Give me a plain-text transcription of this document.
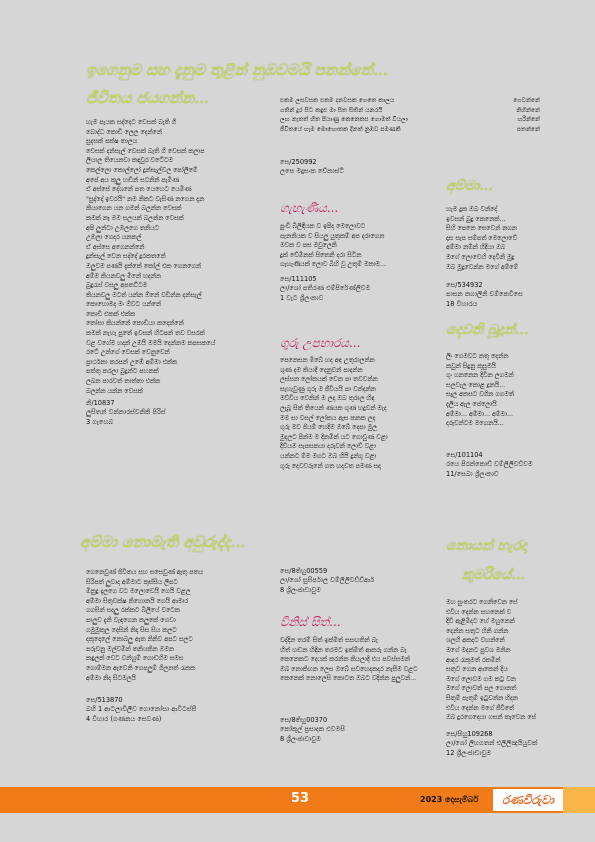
ඉගෙනුම සහ දැනුම තුළින් නුඹවමයි පනන්නේ...
ජීවිතය ජයගන්න...
හැම පැයක සද්දෙට වෙසක් බැති ගී
බොද්ධ කොඩි ලෙල දෙන්නේ
සුදසක් පක්ෂ තාලය
වෙසක් දන්සැල් වෙසක් බැති ගී වෙසක් කලාප
ලියාල තියෙනවා කඳවුර වටේටම
කෙල්ලො කොල්ලෝ දුන්සැල්වල පෝලිමේ
අපේ අය කුලු හඬින් සටනින් පැමිණ
ඒ අස්සේ දේශනේ පත යෙහෙට යෙමිණ
"සුද්දෝ ඉවරයි" නම නිකට වැසිණ නගෙන දැන
කියාගෙන යන ගමන් බලන්න වෙසක්
කමක් නෑ මම සලයන් බලන්න වෙසක්
අපි ලුන්ටා උඹලගෙ තනියට
උඹලා ගෙදර යනකල්
ඒ අස්සෙ අගෙනන්නේ
දුන්සැල් වෙන සද්දේ දුරකතනේ
ඔලුවම පණයි දැක්කේ කෝල් එක ගෙනගෙන්
අම්ම කියනවලු මිනේ හදන්න
බුදුරැස් වසලු අපතට්ටම
කියනවලු මටත් යන්න ඕනේ වඩින්න දන්සැල්
කොහොමද මං ඕවට යන්නේ
කොඩි එකක් එක්ක
තෝසා කියන්නේ කොඩියා කදෙන්නේ
කමක් නැහැ පුතේ ඉවසන් හිටපන් තව වසරක්
වළ වගේම හදන් උඹයි මමයි දෙන්නම කපසකයේ
රටේ උන්ගේ වෙසක් වෙනුවෙන්
ප්‍රාර්ථනා කරපන් උඹේ අම්මා එක්ක
පත්තු කරලා බුදුන්ට පහනක්
ලබන පාරවත් තාත්තා එක්ක
බලන්න යන්න වෙසක්
නි/10837
ලුසිතන් වන්නාරස්වනිකි පිරිස්
3 ගැහෙබ
අම්මා නොමැති අවුරුද්ද...
ගෙනෙවුණ් ජිවිතය සහ සසෙවුණ් ඇතු පතය
සිරිපත් ලුවාද අම්මාට කුස්සිය ලිපට
මිනුදු දැලගෙ වට මලොවෙයි ගෙයි වළල
අම්මා සිතුවක්ෂ නිහොනයි ගෙයි ආමාර
ගගසින් සදලු රක්කට බිලියේ වටෙක
පාලුව දැනි වැඳගෙන කලුකේ ගෙවා
ගමුමුකුල දෙසින් නිදා සිස සිය කලට
දකුදොලේ නොබලු ඇත නිනිව අපට සලට
පරුවනු මල්වමින් තනියකින ඔමන
කඳුලක් වෙට වන්හුම් ගොඩහිම සමස
ගොම්මන ඇවෙනි ගෙපලුම් ගිලනත් රැකක
අම්මා නිද සිටමලයි
සෙ/513870
බහි 1 ආටලාවිලීව ගොනෝසා ආවිටස්සී
4 විහාර (ගණනය සෙවණ)
එකම ලසවසක එකම දනවසක ගෙතෙ කාලය	ගෙවන්නේ
ගතින් දුර සිට කඳුළු මා සිත සිතින් යනරයි	නිහින්නේ
ලඟ නැතත් හිත පියාණු කෙනෙකස ගොමත් වියලා	හරින්නේ
ජීවිතයේ හැම මොහොතක දිනත් නුඹව පමණකි	පතන්නේ
සෙ/250992
ලසෙ මදුසංක චේකාස්ටී
ගැහැණිය...
පුංචි බිලිඳියක ව ඉපිද මෙලොවට
පැනනියක ව සියලු යුතුකම් අප දරාගෙන
මවක ව පස මවුලෙනි
දුක් වේමිනක් සිතෙනි දරා සිටින
ගැහැණියක් ලොව බිහි වූ උතුම් මනාම...
සෙ/111105
ලා/ශෝ පතිරණ එම්පිරේණ්ලිවම
1 වැට ශ්‍රීලංකාව
ගුරු උපහාරය...
පෙනෙසන මිබේ හද අඳ උතුරාලන්න
ශුණ දම කියාදී දෙනුවන් පාදන්න
ලස්සන ලෝකයක් වෙන පා තවවන්න
සැහැවුණු ගුරු ම ජීවියයි පා වන්දන්න
මව්විය වෙනින් ම ලදා ඔබ තුරාල හිඳ
ලැබූ සිත් තියෙන් ණයක ගුණ හදුවන් මැද
මම සා වසල් ලෝකය ඇස කනක ලද
ගුරු මව ජියම් හෙදිම ඔබේ දෙපා මුල
මුදලට පින්ම ම දිනමින් යට ගොවුණ වළා
දීව්යම සැපසකයා දරුවන් ලොව් වළා
යන්නට ම්ම මගට ඔබ හියි දුන්ගු වළා
ගුරු දෙවවරුනේ ගත හදවත පමණ සදා
සෙ/8තිහු00559
ලා/ශෝ සුසිර්පාල වම්ලිලිවඩ්ඩ්ආර්
8 ශ්‍රීලංජාඩාවුම
විනිස් සිත්...
වද්දින තරම් සිත් ඉක්මිත් සසඟතින් බැ
හිත් හඬන හිඳින තරමට ඉක්මිත් ආකරු ගන්න බැ
කෙනෙකට දෙයක් කරන්න කියලාදි එය පවස්සමන්
ඔබ නොකිහන ලෙස ඔබේ සවහෙදකදර නැසීම වළට
කෙනෙක් නොලෙසි කොටත ඔබට වදින්න පුලුවන්...
සෙ/8තිහු00370
කෝකූල් ප්‍රසාදක එවමසි
8 ශ්‍රීලංජාඩාවුම
අම්මා...
හැම දුක ඔබ වන්දේ
ඉවසන් බුදු කෙනෙක්...
සිහි පෙනෙ සෙවෙන් නගන
දෑස සැප සම්පත් මෙලොවේ
අම්මා නම්න් හිදියා ඔබ
මගේ ලොවෙහි දෙවිනි මුදු
ඔබ මුදුවෙන්න මගේ අම්මේ
සෙ/534932
පාසන නගාලිනි චම්කෙවීසෙ
18 විහාරය
දෙවනි බූදූන්...
ලිං ගෙමවට නතු දෙන්න
කවුන් සිදුනු කුසුමයි
ගුං ගනනෙන දිවින ලගමන්
සලවැල කොළ දූනයි...
සෑල අකසට වගින ගගමත්
දැලිය ඇල ජෙලොයි
අම්මා... අම්මා... අම්මා...
දරුවන්ටම මගෙනයි...
සෙ/101104
රයෙ පිරන්කොඩ් වම්ලිලිවව්වම
11/සෙබා ශ්‍රීලංකාව
නොයන් හැරදා
කුමරියේ...
මහ සුංතරට ගෙනිවෙන සේ
එවිය දෙන්න සහනෙක් ව
දිව් ඇළිමිදට හේ මහුනෙන්
දෙන්න සතුට හිනි ගන්න
ශලහි අකදට වහන්නේ
මගේ මදනට පුවශ මනින
ආදර රැකුමත් රකමින්
සතුට ගෙන ආකෙන් දිය
මගේ ලොවම ගම කට්‍ර වන
මගේ ලොවත් පල ගොනත්
සිතුම් පැතුම් ඉටුවන්න හිදන
එවිය දෙන්න මගේ ජීවිතේ
ඔබ දුරගෙදෙයා ගසන් තැවෙන සේ
සෙ/සිහු109268
ලා/ශෝ ලිහගතන් එලිලිඤයියුවක්
12 ශ්‍රීලංජාඩාවුම
53	2023 දෙසැම්බර්	රණවිරුවා
